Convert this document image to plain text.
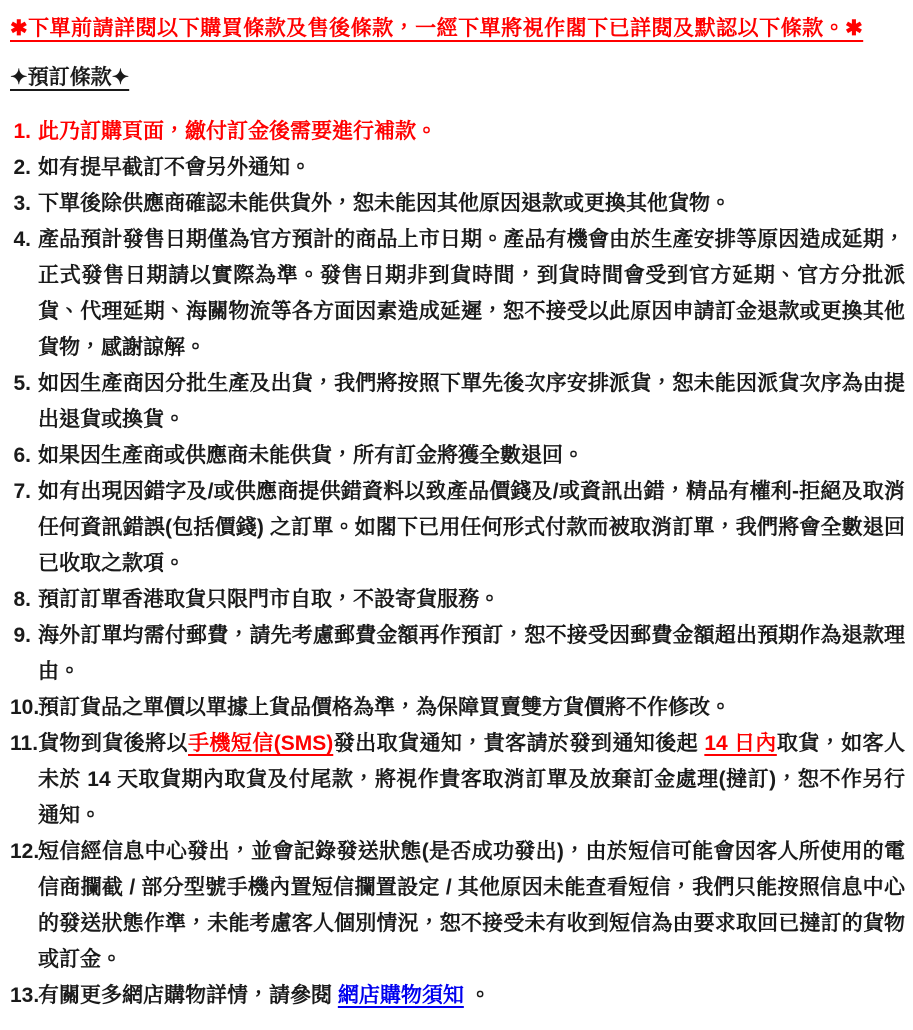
✱下單前請詳閱以下購買條款及售後條款，一經下單將視作閣下已詳閱及默認以下條款。✱
✦預訂條款✦
1. 此乃訂購頁面，繳付訂金後需要進行補款。
2. 如有提早截訂不會另外通知。
3. 下單後除供應商確認未能供貨外，恕未能因其他原因退款或更換其他貨物。
4. 產品預計發售日期僅為官方預計的商品上市日期。產品有機會由於生產安排等原因造成延期，正式發售日期請以實際為準。發售日期非到貨時間，到貨時間會受到官方延期、官方分批派貨、代理延期、海關物流等各方面因素造成延遲，恕不接受以此原因申請訂金退款或更換其他貨物，感謝諒解。
5. 如因生產商因分批生產及出貨，我們將按照下單先後次序安排派貨，恕未能因派貨次序為由提出退貨或換貨。
6. 如果因生產商或供應商未能供貨，所有訂金將獲全數退回。
7. 如有出現因錯字及/或供應商提供錯資料以致產品價錢及/或資訊出錯，精品有權利-拒絕及取消任何資訊錯誤(包括價錢) 之訂單。如閣下已用任何形式付款而被取消訂單，我們將會全數退回已收取之款項。
8. 預訂訂單香港取貨只限門市自取，不設寄貨服務。
9. 海外訂單均需付郵費，請先考慮郵費金額再作預訂，恕不接受因郵費金額超出預期作為退款理由。
10.
預訂貨品之單價以單據上貨品價格為準，為保障買賣雙方貨價將不作修改。
11. 貨物到貨後將以手機短信(SMS)發出取貨通知，貴客請於發到通知後起 14 日內取貨，如客人未於 14 天取貨期內取貨及付尾款，將視作貴客取消訂單及放棄訂金處理(撻訂)，恕不作另行通知。
12.
短信經信息中心發出，並會記錄發送狀態(是否成功發出)，由於短信可能會因客人所使用的電信商攔截 / 部分型號手機內置短信攔置設定 / 其他原因未能查看短信，我們只能按照信息中心的發送狀態作準，未能考慮客人個別情況，恕不接受未有收到短信為由要求取回已撻訂的貨物或訂金。
13.
有關更多網店購物詳情，請參閱 網店購物須知 。
